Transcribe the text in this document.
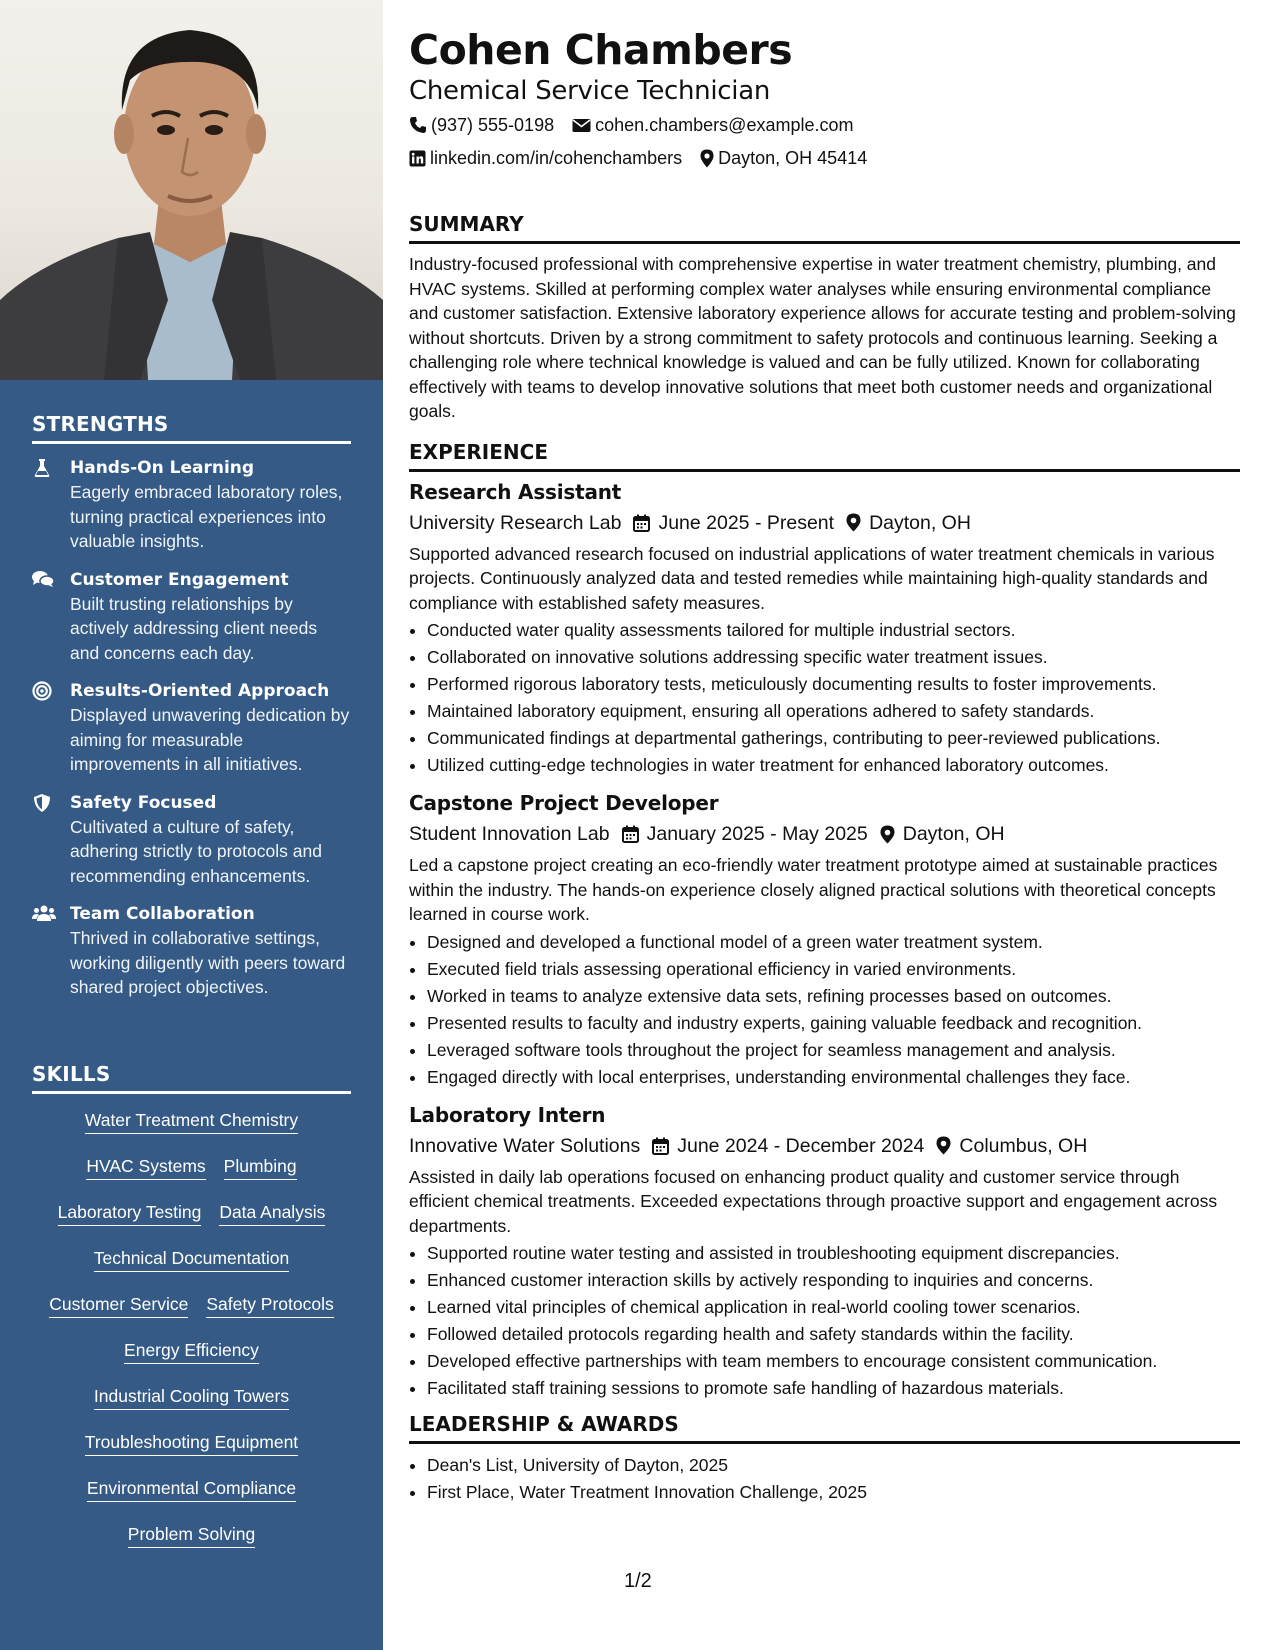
STRENGTHS
Hands-On Learning
Eagerly embraced laboratory roles, turning practical experiences into valuable insights.
Customer Engagement
Built trusting relationships by actively addressing client needs and concerns each day.
Results-Oriented Approach
Displayed unwavering dedication by aiming for measurable improvements in all initiatives.
Safety Focused
Cultivated a culture of safety, adhering strictly to protocols and recommending enhancements.
Team Collaboration
Thrived in collaborative settings, working diligently with peers toward shared project objectives.
SKILLS
Water Treatment Chemistry
HVAC Systems Plumbing
Laboratory Testing Data Analysis
Technical Documentation
Customer Service Safety Protocols
Energy Efficiency
Industrial Cooling Towers
Troubleshooting Equipment
Environmental Compliance
Problem Solving
Cohen Chambers
Chemical Service Technician
(937) 555-0198 cohen.chambers@example.com
linkedin.com/in/cohenchambers Dayton, OH 45414
SUMMARY

Industry-focused professional with comprehensive expertise in water treatment chemistry, plumbing, and HVAC systems. Skilled at performing complex water analyses while ensuring environmental compliance and customer satisfaction. Extensive laboratory experience allows for accurate testing and problem-solving without shortcuts. Driven by a strong commitment to safety protocols and continuous learning. Seeking a challenging role where technical knowledge is valued and can be fully utilized. Known for collaborating effectively with teams to develop innovative solutions that meet both customer needs and organizational goals.

EXPERIENCE
Research Assistant
University Research Lab June 2025 - Present Dayton, OH

Supported advanced research focused on industrial applications of water treatment chemicals in various projects. Continuously analyzed data and tested remedies while maintaining high-quality standards and compliance with established safety measures.

• Conducted water quality assessments tailored for multiple industrial sectors.
• Collaborated on innovative solutions addressing specific water treatment issues.
• Performed rigorous laboratory tests, meticulously documenting results to foster improvements.
• Maintained laboratory equipment, ensuring all operations adhered to safety standards.
• Communicated findings at departmental gatherings, contributing to peer-reviewed publications.
• Utilized cutting-edge technologies in water treatment for enhanced laboratory outcomes.
Capstone Project Developer
Student Innovation Lab January 2025 - May 2025 Dayton, OH

Led a capstone project creating an eco-friendly water treatment prototype aimed at sustainable practices within the industry. The hands-on experience closely aligned practical solutions with theoretical concepts learned in course work.

• Designed and developed a functional model of a green water treatment system.
• Executed field trials assessing operational efficiency in varied environments.
• Worked in teams to analyze extensive data sets, refining processes based on outcomes.
• Presented results to faculty and industry experts, gaining valuable feedback and recognition.
• Leveraged software tools throughout the project for seamless management and analysis.
• Engaged directly with local enterprises, understanding environmental challenges they face.
Laboratory Intern
Innovative Water Solutions June 2024 - December 2024 Columbus, OH

Assisted in daily lab operations focused on enhancing product quality and customer service through efficient chemical treatments. Exceeded expectations through proactive support and engagement across departments.

• Supported routine water testing and assisted in troubleshooting equipment discrepancies.
• Enhanced customer interaction skills by actively responding to inquiries and concerns.
• Learned vital principles of chemical application in real-world cooling tower scenarios.
• Followed detailed protocols regarding health and safety standards within the facility.
• Developed effective partnerships with team members to encourage consistent communication.
• Facilitated staff training sessions to promote safe handling of hazardous materials.
LEADERSHIP & AWARDS
• Dean's List, University of Dayton, 2025
• First Place, Water Treatment Innovation Challenge, 2025
1/2
